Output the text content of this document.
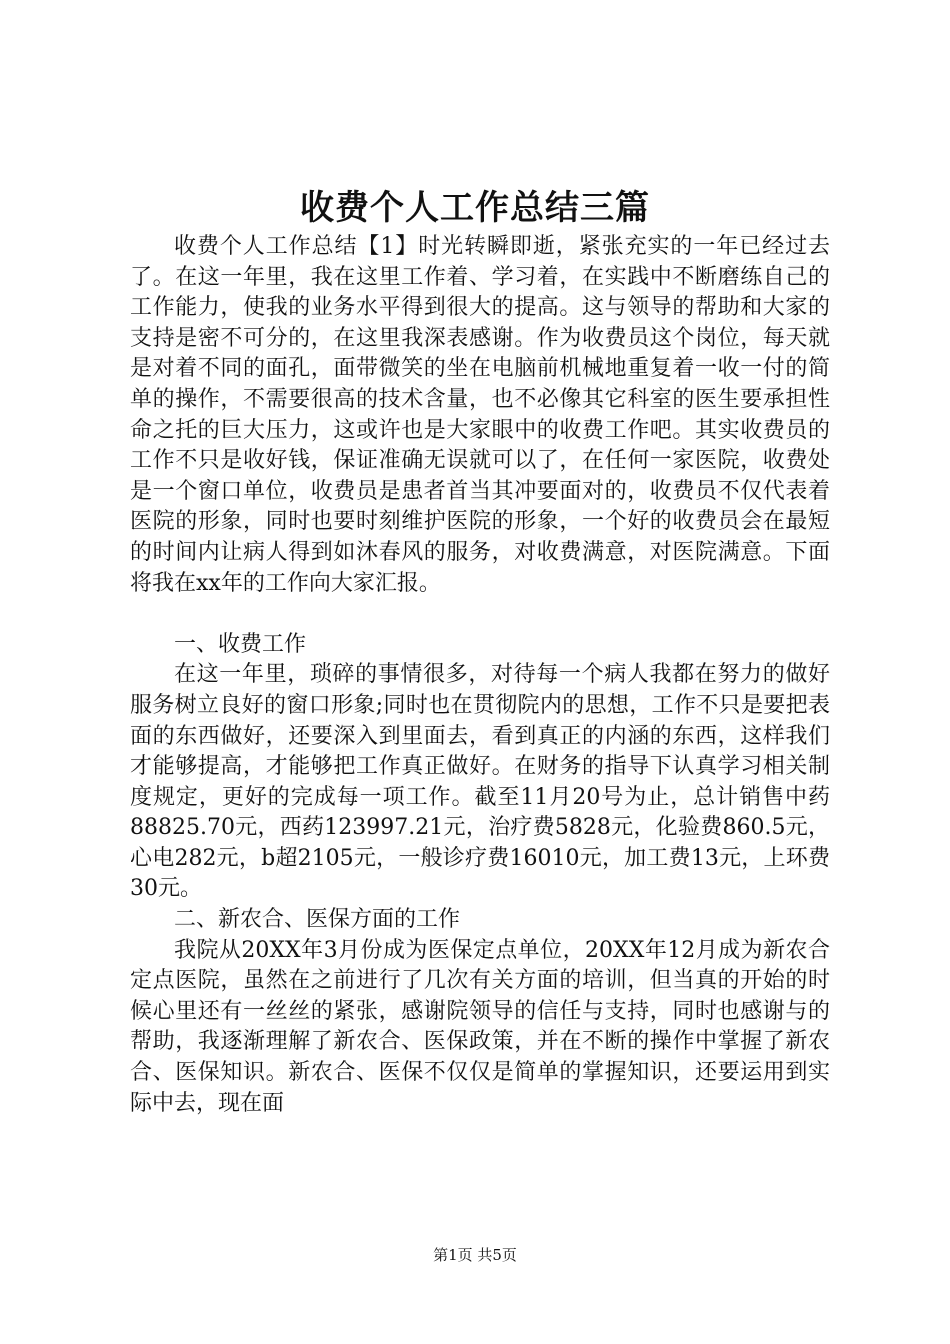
收费个人工作总结三篇

收费个人工作总结【1】时光转瞬即逝，紧张充实的一年已经过去了。在这一年里，我在这里工作着、学习着，在实践中不断磨练自己的工作能力，使我的业务水平得到很大的提高。这与领导的帮助和大家的支持是密不可分的，在这里我深表感谢。作为收费员这个岗位，每天就是对着不同的面孔，面带微笑的坐在电脑前机械地重复着一收一付的简单的操作，不需要很高的技术含量，也不必像其它科室的医生要承担性命之托的巨大压力，这或许也是大家眼中的收费工作吧。其实收费员的工作不只是收好钱，保证准确无误就可以了，在任何一家医院，收费处是一个窗口单位，收费员是患者首当其冲要面对的，收费员不仅代表着医院的形象，同时也要时刻维护医院的形象，一个好的收费员会在最短的时间内让病人得到如沐春风的服务，对收费满意，对医院满意。下面将我在xx年的工作向大家汇报。

一、收费工作

在这一年里，琐碎的事情很多，对待每一个病人我都在努力的做好服务树立良好的窗口形象;同时也在贯彻院内的思想，工作不只是要把表面的东西做好，还要深入到里面去，看到真正的内涵的东西，这样我们才能够提高，才能够把工作真正做好。在财务的指导下认真学习相关制度规定，更好的完成每一项工作。截至11月20号为止，总计销售中药88825.70元，西药123997.21元，治疗费5828元，化验费860.5元，心电282元，b超2105元，一般诊疗费16010元，加工费13元，上环费30元。

二、新农合、医保方面的工作

我院从20XX年3月份成为医保定点单位，20XX年12月成为新农合定点医院，虽然在之前进行了几次有关方面的培训，但当真的开始的时候心里还有一丝丝的紧张，感谢院领导的信任与支持，同时也感谢与的帮助，我逐渐理解了新农合、医保政策，并在不断的操作中掌握了新农合、医保知识。新农合、医保不仅仅是简单的掌握知识，还要运用到实际中去，现在面

第1页 共5页
